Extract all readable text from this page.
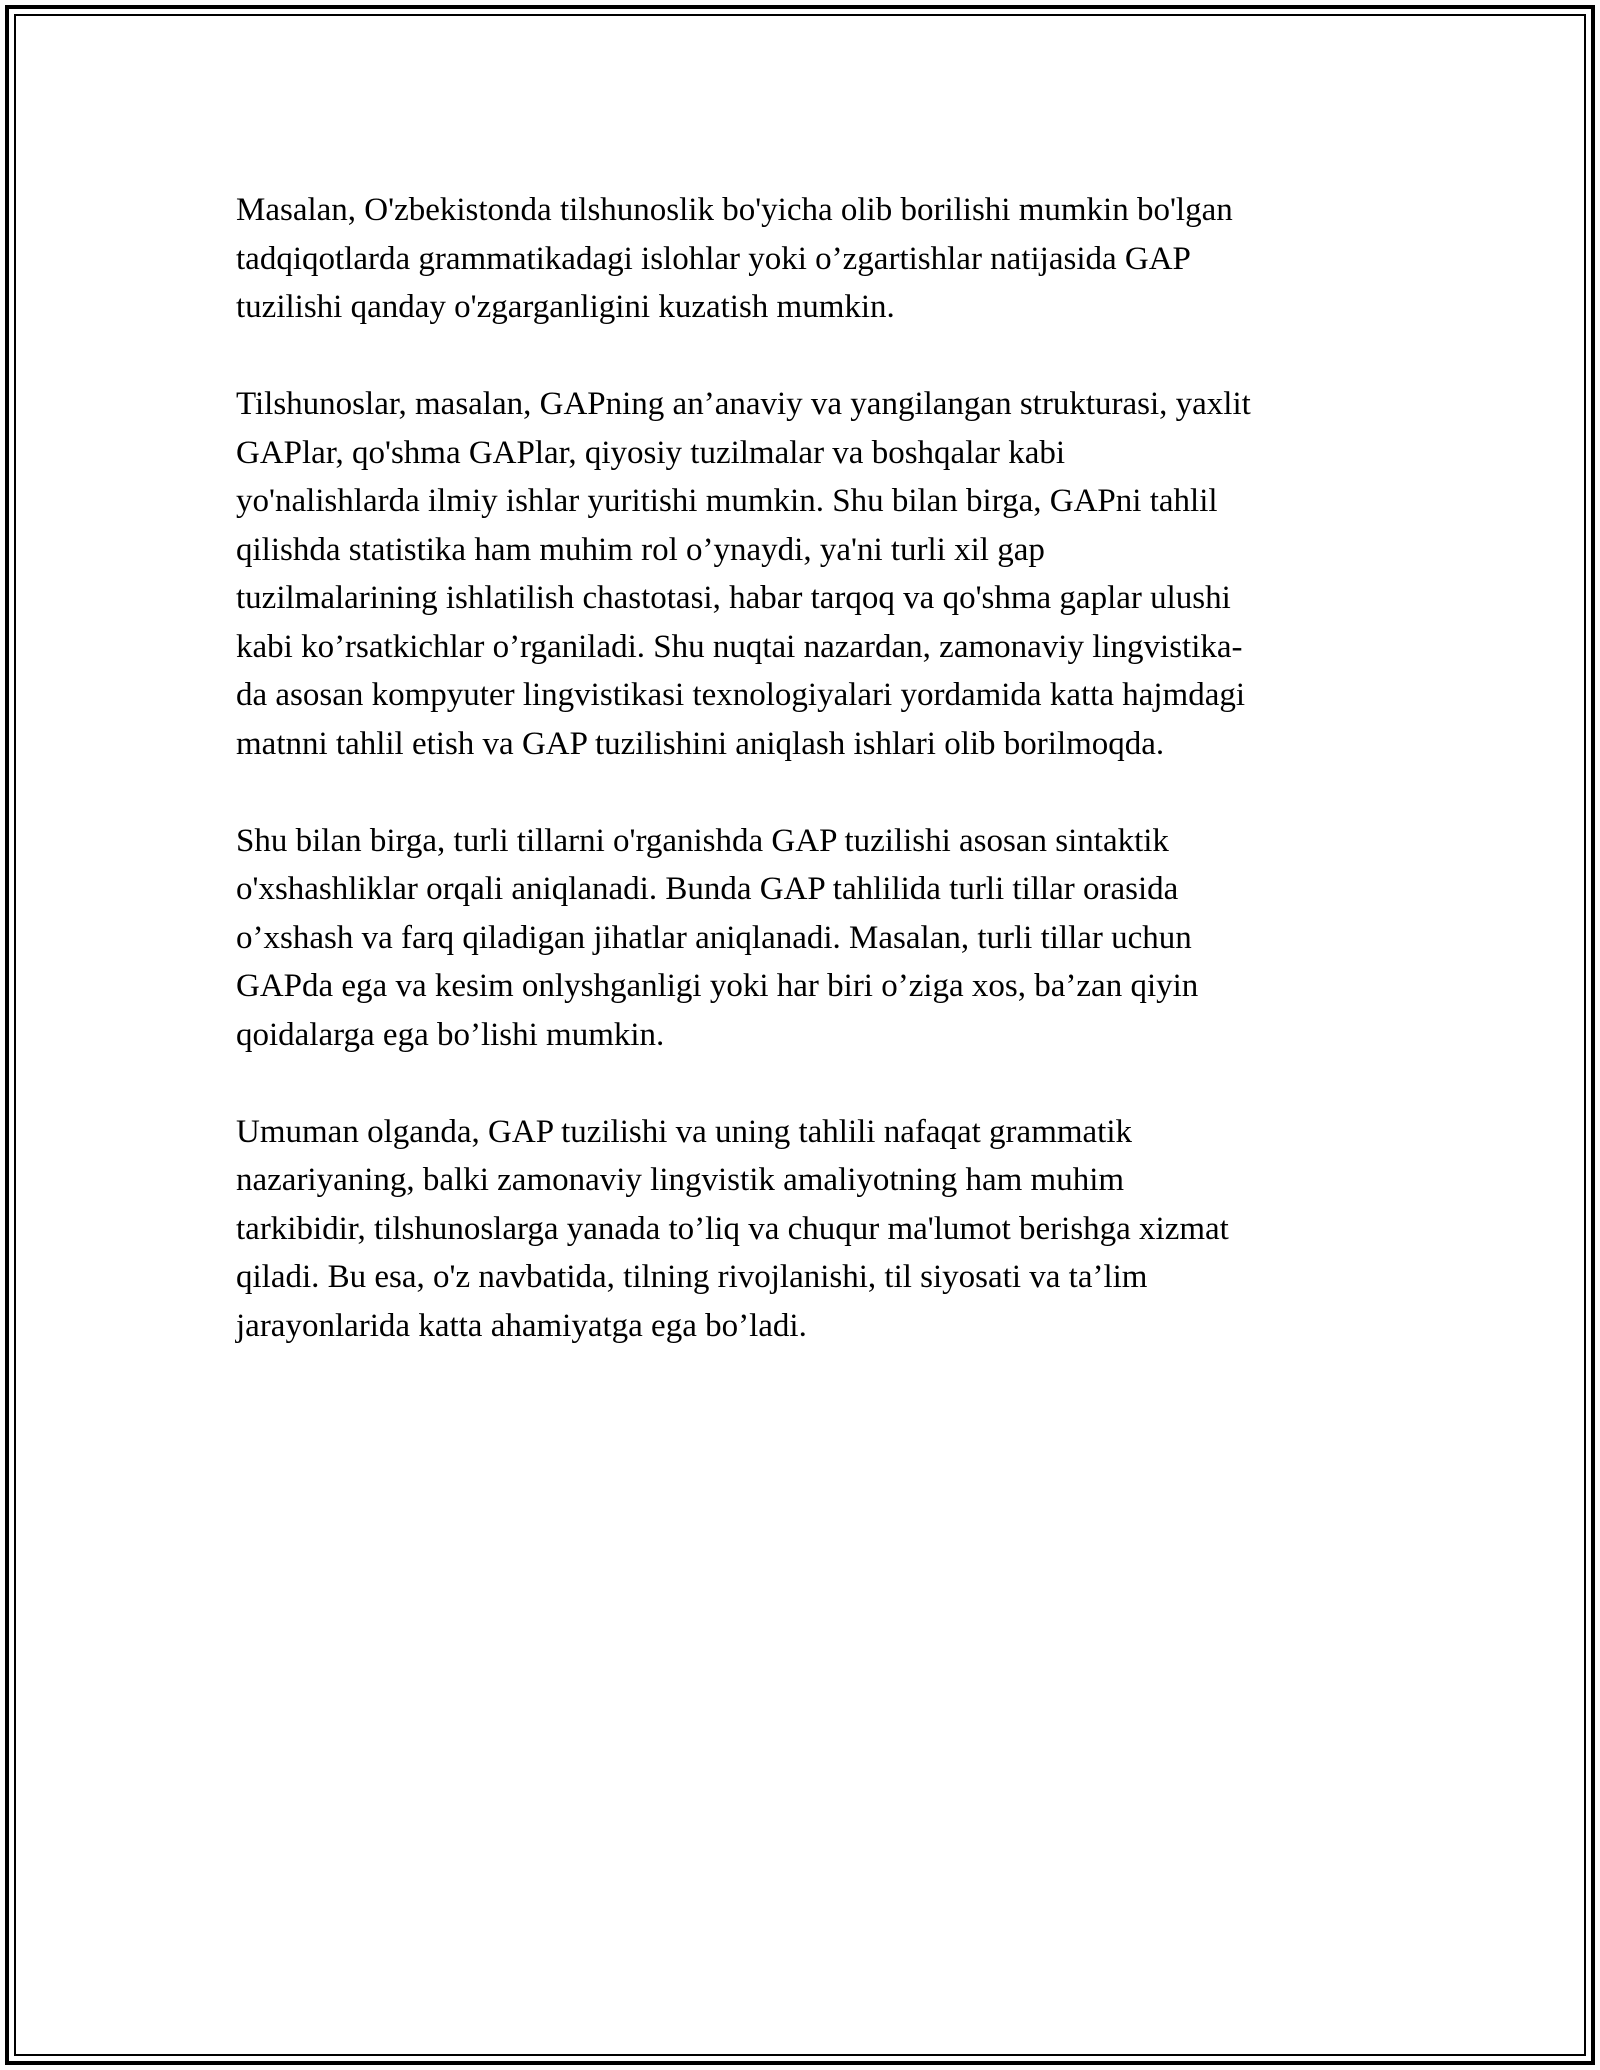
Masalan, O'zbekistonda tilshunoslik bo'yicha olib borilishi mumkin bo'lgan
tadqiqotlarda grammatikadagi islohlar yoki o’zgartishlar natijasida GAP
tuzilishi qanday o'zgarganligini kuzatish mumkin.

Tilshunoslar, masalan, GAPning an’anaviy va yangilangan strukturasi, yaxlit
GAPlar, qo'shma GAPlar, qiyosiy tuzilmalar va boshqalar kabi
yo'nalishlarda ilmiy ishlar yuritishi mumkin. Shu bilan birga, GAPni tahlil
qilishda statistika ham muhim rol o’ynaydi, ya'ni turli xil gap
tuzilmalarining ishlatilish chastotasi, habar tarqoq va qo'shma gaplar ulushi
kabi ko’rsatkichlar o’rganiladi. Shu nuqtai nazardan, zamonaviy lingvistika-
da asosan kompyuter lingvistikasi texnologiyalari yordamida katta hajmdagi
matnni tahlil etish va GAP tuzilishini aniqlash ishlari olib borilmoqda.

Shu bilan birga, turli tillarni o'rganishda GAP tuzilishi asosan sintaktik
o'xshashliklar orqali aniqlanadi. Bunda GAP tahlilida turli tillar orasida
o’xshash va farq qiladigan jihatlar aniqlanadi. Masalan, turli tillar uchun
GAPda ega va kesim onlyshganligi yoki har biri o’ziga xos, ba’zan qiyin
qoidalarga ega bo’lishi mumkin.

Umuman olganda, GAP tuzilishi va uning tahlili nafaqat grammatik
nazariyaning, balki zamonaviy lingvistik amaliyotning ham muhim
tarkibidir, tilshunoslarga yanada to’liq va chuqur ma'lumot berishga xizmat
qiladi. Bu esa, o'z navbatida, tilning rivojlanishi, til siyosati va ta’lim
jarayonlarida katta ahamiyatga ega bo’ladi.
